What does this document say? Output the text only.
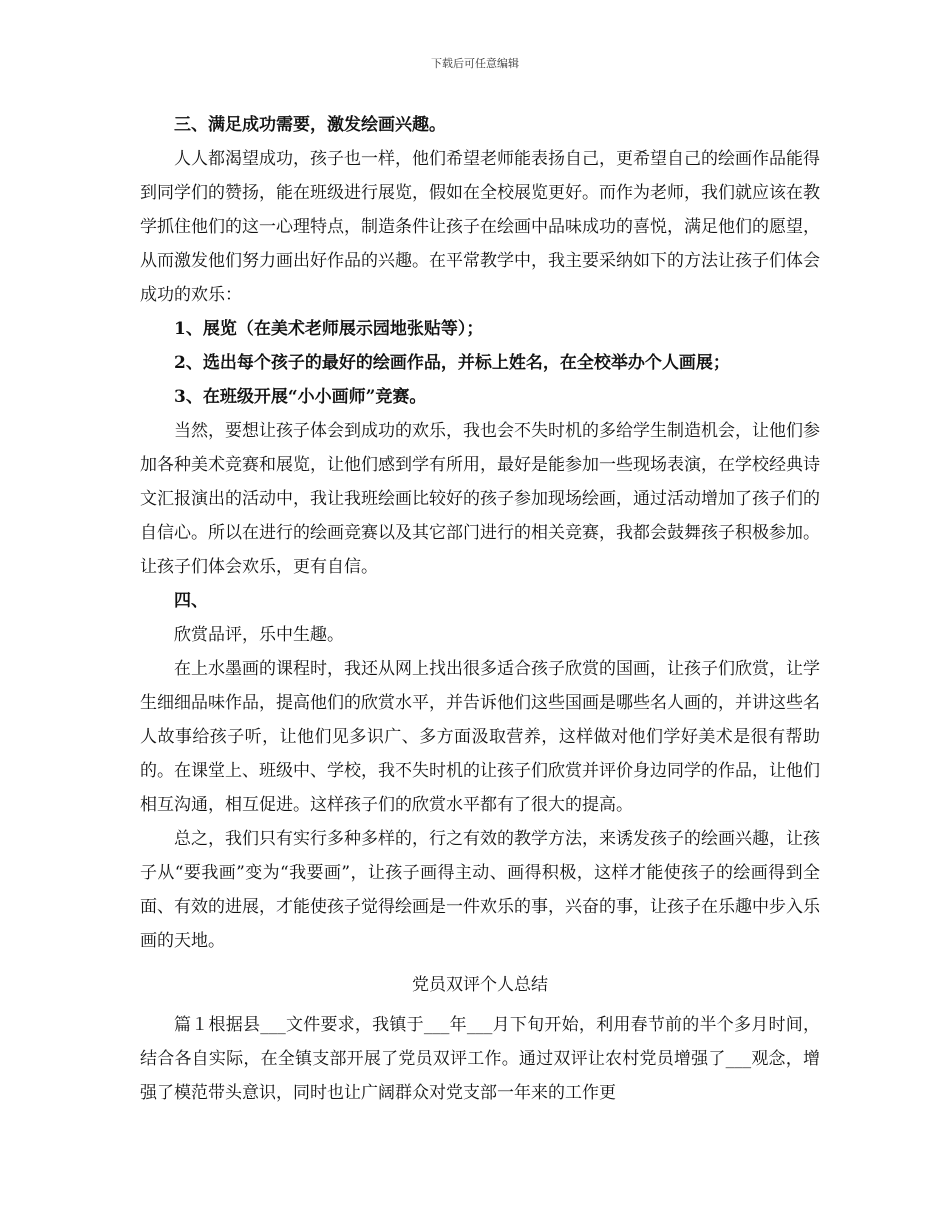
下载后可任意编辑

三、满足成功需要，激发绘画兴趣。

人人都渴望成功，孩子也一样，他们希望老师能表扬自己，更希望自己的绘画作品能得到同学们的赞扬，能在班级进行展览，假如在全校展览更好。而作为老师，我们就应该在教学抓住他们的这一心理特点，制造条件让孩子在绘画中品味成功的喜悦，满足他们的愿望，从而激发他们努力画出好作品的兴趣。在平常教学中，我主要采纳如下的方法让孩子们体会成功的欢乐：

1、展览（在美术老师展示园地张贴等）；

2、选出每个孩子的最好的绘画作品，并标上姓名，在全校举办个人画展；

3、在班级开展“小小画师”竞赛。

当然，要想让孩子体会到成功的欢乐，我也会不失时机的多给学生制造机会，让他们参加各种美术竞赛和展览，让他们感到学有所用，最好是能参加一些现场表演，在学校经典诗文汇报演出的活动中，我让我班绘画比较好的孩子参加现场绘画，通过活动增加了孩子们的自信心。所以在进行的绘画竞赛以及其它部门进行的相关竞赛，我都会鼓舞孩子积极参加。让孩子们体会欢乐，更有自信。

四、

欣赏品评，乐中生趣。

在上水墨画的课程时，我还从网上找出很多适合孩子欣赏的国画，让孩子们欣赏，让学生细细品味作品，提高他们的欣赏水平，并告诉他们这些国画是哪些名人画的，并讲这些名人故事给孩子听，让他们见多识广、多方面汲取营养，这样做对他们学好美术是很有帮助的。在课堂上、班级中、学校，我不失时机的让孩子们欣赏并评价身边同学的作品，让他们相互沟通，相互促进。这样孩子们的欣赏水平都有了很大的提高。

总之，我们只有实行多种多样的，行之有效的教学方法，来诱发孩子的绘画兴趣，让孩子从“要我画”变为“我要画”，让孩子画得主动、画得积极，这样才能使孩子的绘画得到全面、有效的进展，才能使孩子觉得绘画是一件欢乐的事，兴奋的事，让孩子在乐趣中步入乐画的天地。

党员双评个人总结

篇１根据县___文件要求，我镇于___年___月下旬开始，利用春节前的半个多月时间，结合各自实际，在全镇支部开展了党员双评工作。通过双评让农村党员增强了___观念，增强了模范带头意识，同时也让广阔群众对党支部一年来的工作更
